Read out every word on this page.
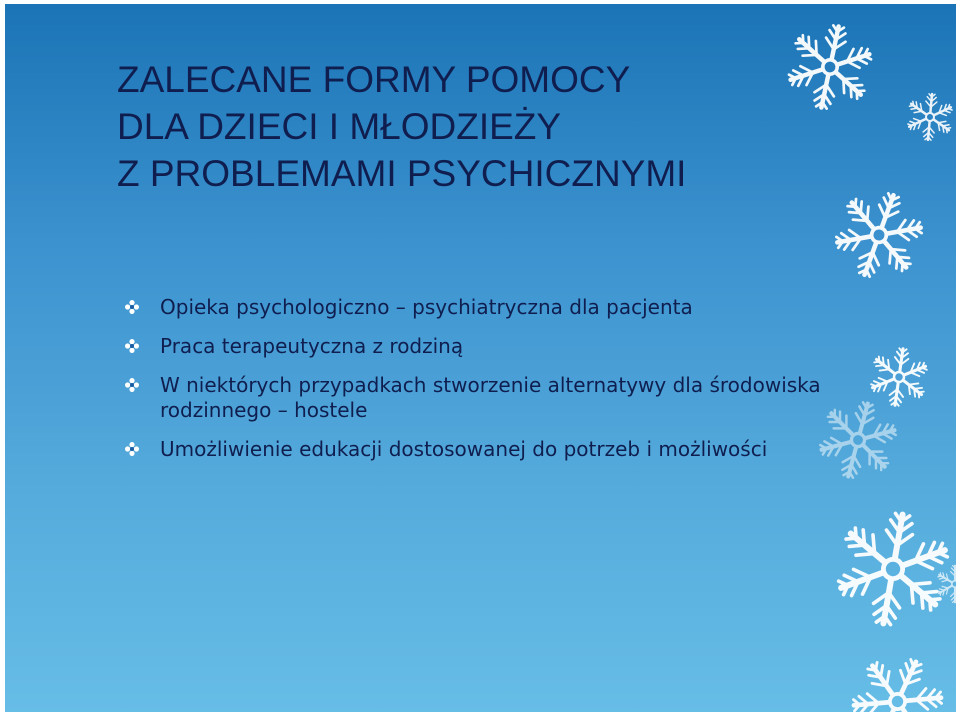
ZALECANE FORMY POMOCY
DLA DZIECI I MŁODZIEŻY
Z PROBLEMAMI PSYCHICZNYMI
Opieka psychologiczno – psychiatryczna dla pacjenta
Praca terapeutyczna z rodziną
W niektórych przypadkach stworzenie alternatywy dla środowiska rodzinnego – hostele
Umożliwienie edukacji dostosowanej do potrzeb i możliwości
